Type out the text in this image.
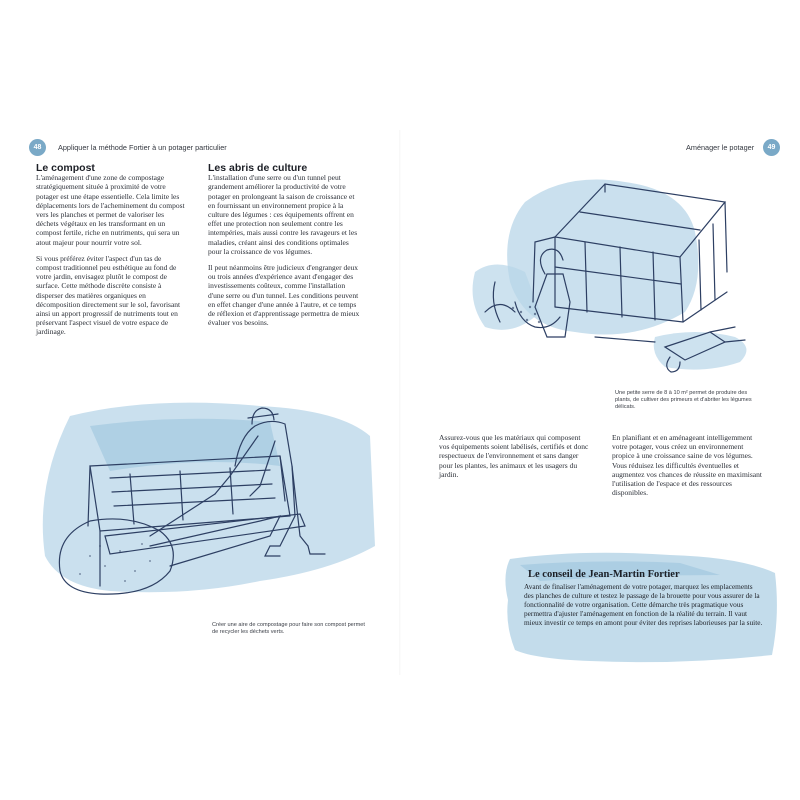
48	Appliquer la méthode Fortier à un potager particulier
Le compost

L'aménagement d'une zone de compostage stratégiquement située à proximité de votre potager est une étape essentielle. Cela limite les déplacements lors de l'acheminement du compost vers les planches et permet de valoriser les déchets végétaux en les transformant en un compost fertile, riche en nutriments, qui sera un atout majeur pour nourrir votre sol.

Si vous préférez éviter l'aspect d'un tas de compost traditionnel peu esthétique au fond de votre jardin, envisagez plutôt le compost de surface. Cette méthode discrète consiste à disperser des matières organiques en décomposition directement sur le sol, favorisant ainsi un apport progressif de nutriments tout en préservant l'aspect visuel de votre espace de jardinage.

Les abris de culture

L'installation d'une serre ou d'un tunnel peut grandement améliorer la productivité de votre potager en prolongeant la saison de croissance et en fournissant un environnement propice à la culture des légumes : ces équipements offrent en effet une protection non seulement contre les intempéries, mais aussi contre les ravageurs et les maladies, créant ainsi des conditions optimales pour la croissance de vos légumes.

Il peut néanmoins être judicieux d'engranger deux ou trois années d'expérience avant d'engager des investissements coûteux, comme l'installation d'une serre ou d'un tunnel. Les conditions peuvent en effet changer d'une année à l'autre, et ce temps de réflexion et d'apprentissage permettra de mieux évaluer vos besoins.

Créer une aire de compostage pour faire son compost permet de recycler les déchets verts.
Aménager le potager	49
Une petite serre de 8 à 10 m² permet de produire des plants, de cultiver des primeurs et d'abriter les légumes délicats.

Assurez-vous que les matériaux qui composent vos équipements soient labélisés, certifiés et donc respectueux de l'environnement et sans danger pour les plantes, les animaux et les usagers du jardin.

En planifiant et en aménageant intelligemment votre potager, vous créez un environnement propice à une croissance saine de vos légumes. Vous réduisez les difficultés éventuelles et augmentez vos chances de réussite en maximisant l'utilisation de l'espace et des ressources disponibles.

Le conseil de Jean-Martin Fortier
Avant de finaliser l'aménagement de votre potager, marquez les emplacements des planches de culture et testez le passage de la brouette pour vous assurer de la fonctionnalité de votre organisation. Cette démarche très pragmatique vous permettra d'ajuster l'aménagement en fonction de la réalité du terrain. Il vaut mieux investir ce temps en amont pour éviter des reprises laborieuses par la suite.
